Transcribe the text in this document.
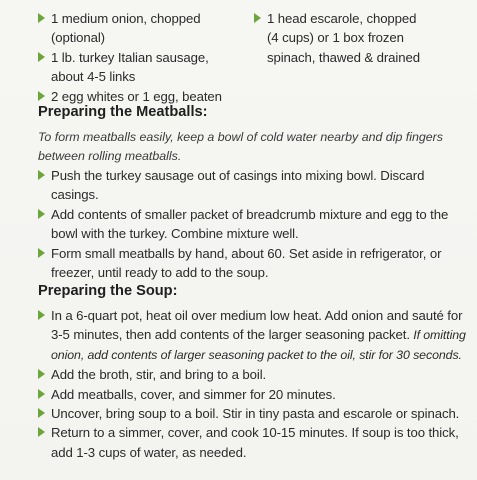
1 medium onion, chopped (optional)
1 lb. turkey Italian sausage,
about 4-5 links
2 egg whites or 1 egg, beaten
1 head escarole, chopped
(4 cups) or 1 box frozen
spinach, thawed & drained
Preparing the Meatballs:
To form meatballs easily, keep a bowl of cold water nearby and dip fingers
between rolling meatballs.
Push the turkey sausage out of casings into mixing bowl. Discard casings.
Add contents of smaller packet of breadcrumb mixture and egg to the
bowl with the turkey. Combine mixture well.
Form small meatballs by hand, about 60. Set aside in refrigerator, or
freezer, until ready to add to the soup.
Preparing the Soup:
In a 6-quart pot, heat oil over medium low heat. Add onion and sauté for
3-5 minutes, then add contents of the larger seasoning packet. If omitting
onion, add contents of larger seasoning packet to the oil, stir for 30 seconds.
Add the broth, stir, and bring to a boil.
Add meatballs, cover, and simmer for 20 minutes.
Uncover, bring soup to a boil. Stir in tiny pasta and escarole or spinach.
Return to a simmer, cover, and cook 10-15 minutes. If soup is too thick,
add 1-3 cups of water, as needed.
